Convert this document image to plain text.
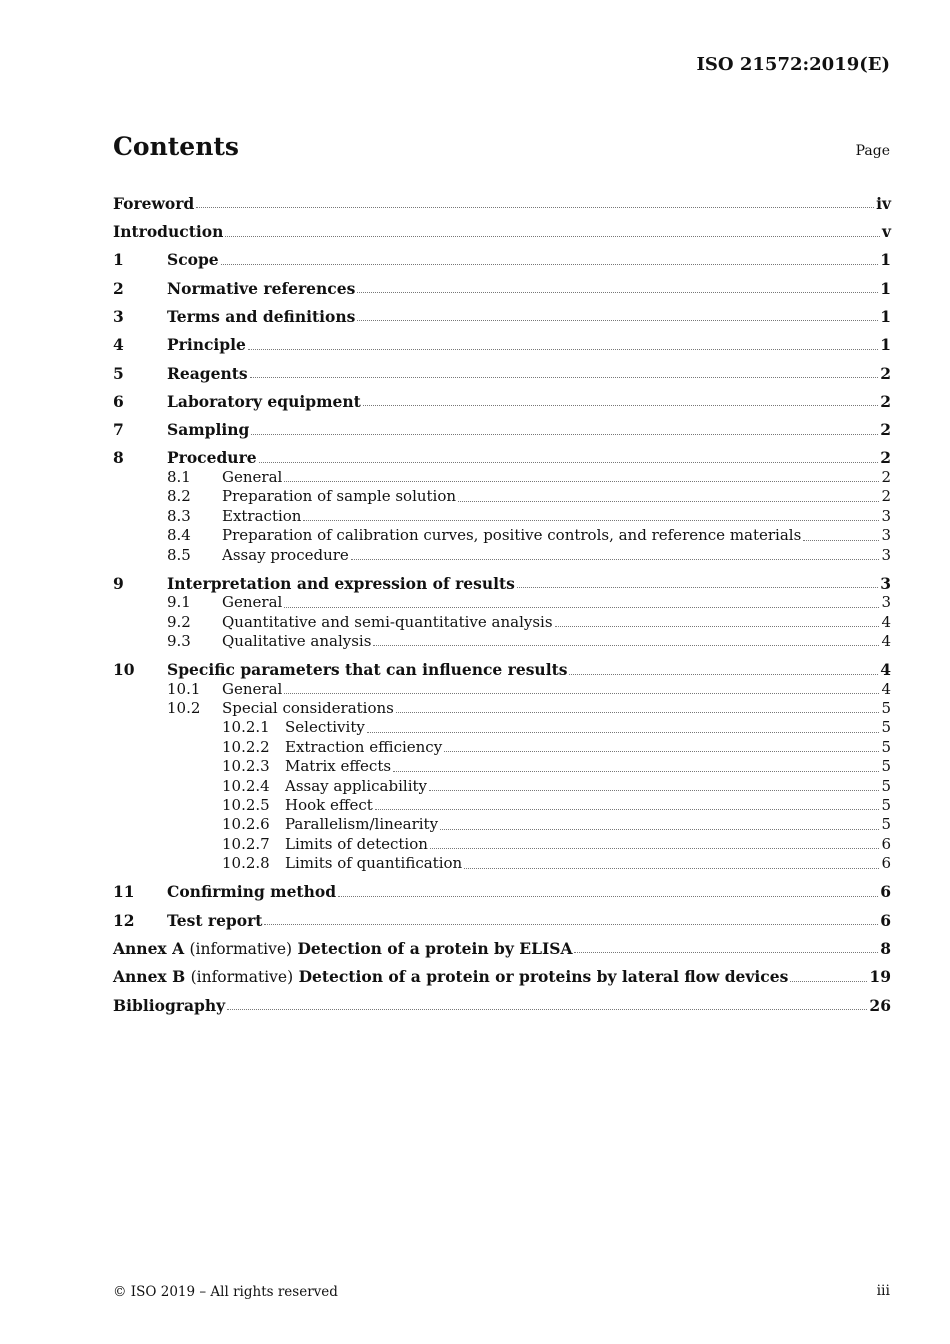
ISO 21572:2019(E)
Contents	Page
Foreword	iv
Introduction	v
1	Scope	1
2	Normative references	1
3	Terms and definitions	1
4	Principle	1
5	Reagents	2
6	Laboratory equipment	2
7	Sampling	2
8	Procedure	2
8.1	General	2
8.2	Preparation of sample solution	2
8.3	Extraction	3
8.4	Preparation of calibration curves, positive controls, and reference materials	3
8.5	Assay procedure	3
9	Interpretation and expression of results	3
9.1	General	3
9.2	Quantitative and semi-quantitative analysis	4
9.3	Qualitative analysis	4
10	Specific parameters that can influence results	4
10.1	General	4
10.2	Special considerations	5
10.2.1	Selectivity	5
10.2.2	Extraction efficiency	5
10.2.3	Matrix effects	5
10.2.4	Assay applicability	5
10.2.5	Hook effect	5
10.2.6	Parallelism/linearity	5
10.2.7	Limits of detection	6
10.2.8	Limits of quantification	6
11	Confirming method	6
12	Test report	6
Annex A (informative) Detection of a protein by ELISA	8
Annex B (informative) Detection of a protein or proteins by lateral flow devices	19
Bibliography	26
© ISO 2019 – All rights reserved	iii
